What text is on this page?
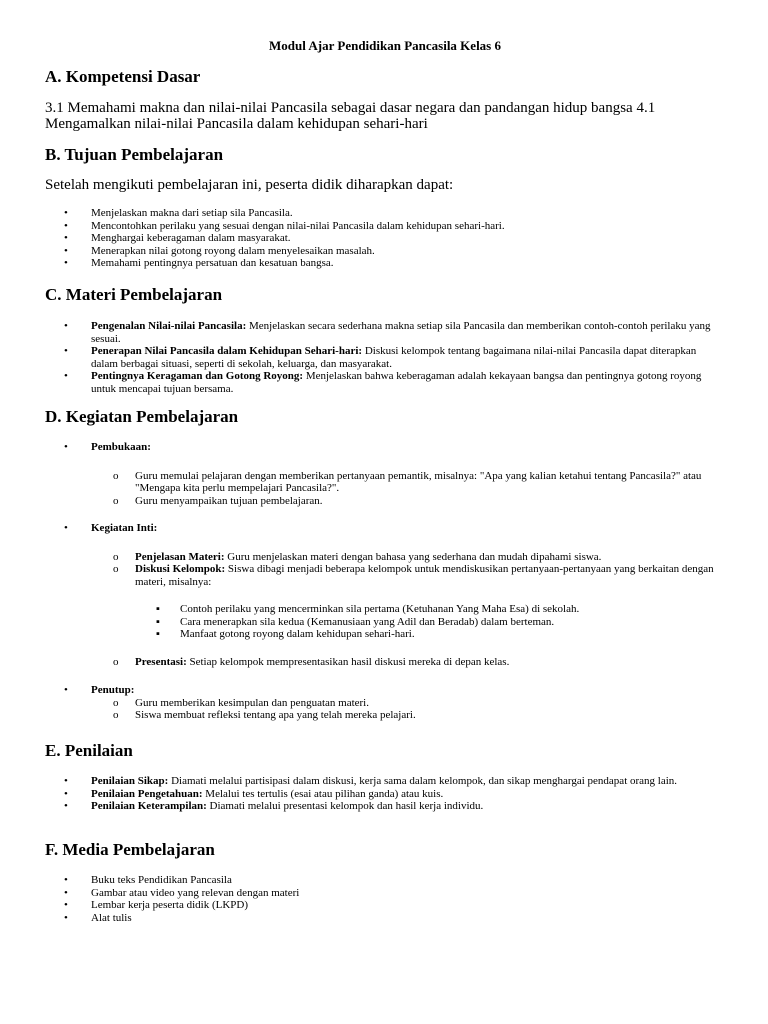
Modul Ajar Pendidikan Pancasila Kelas 6
A. Kompetensi Dasar

3.1 Memahami makna dan nilai-nilai Pancasila sebagai dasar negara dan pandangan hidup bangsa 4.1 Mengamalkan nilai-nilai Pancasila dalam kehidupan sehari-hari

B. Tujuan Pembelajaran

Setelah mengikuti pembelajaran ini, peserta didik diharapkan dapat:

• Menjelaskan makna dari setiap sila Pancasila.
• Mencontohkan perilaku yang sesuai dengan nilai-nilai Pancasila dalam kehidupan sehari-hari.
• Menghargai keberagaman dalam masyarakat.
• Menerapkan nilai gotong royong dalam menyelesaikan masalah.
• Memahami pentingnya persatuan dan kesatuan bangsa.
C. Materi Pembelajaran
• Pengenalan Nilai-nilai Pancasila: Menjelaskan secara sederhana makna setiap sila Pancasila dan memberikan contoh-contoh perilaku yang sesuai.
• Penerapan Nilai Pancasila dalam Kehidupan Sehari-hari: Diskusi kelompok tentang bagaimana nilai-nilai Pancasila dapat diterapkan dalam berbagai situasi, seperti di sekolah, keluarga, dan masyarakat.
• Pentingnya Keragaman dan Gotong Royong: Menjelaskan bahwa keberagaman adalah kekayaan bangsa dan pentingnya gotong royong untuk mencapai tujuan bersama.
D. Kegiatan Pembelajaran
• Pembukaan:
o Guru memulai pelajaran dengan memberikan pertanyaan pemantik, misalnya: "Apa yang kalian ketahui tentang Pancasila?" atau "Mengapa kita perlu mempelajari Pancasila?".
o Guru menyampaikan tujuan pembelajaran.
• Kegiatan Inti:
o Penjelasan Materi: Guru menjelaskan materi dengan bahasa yang sederhana dan mudah dipahami siswa.
o Diskusi Kelompok: Siswa dibagi menjadi beberapa kelompok untuk mendiskusikan pertanyaan-pertanyaan yang berkaitan dengan materi, misalnya:
▪ Contoh perilaku yang mencerminkan sila pertama (Ketuhanan Yang Maha Esa) di sekolah.
▪ Cara menerapkan sila kedua (Kemanusiaan yang Adil dan Beradab) dalam berteman.
▪ Manfaat gotong royong dalam kehidupan sehari-hari.
o Presentasi: Setiap kelompok mempresentasikan hasil diskusi mereka di depan kelas.
• Penutup:
o Guru memberikan kesimpulan dan penguatan materi.
o Siswa membuat refleksi tentang apa yang telah mereka pelajari.
E. Penilaian
• Penilaian Sikap: Diamati melalui partisipasi dalam diskusi, kerja sama dalam kelompok, dan sikap menghargai pendapat orang lain.
• Penilaian Pengetahuan: Melalui tes tertulis (esai atau pilihan ganda) atau kuis.
• Penilaian Keterampilan: Diamati melalui presentasi kelompok dan hasil kerja individu.
F. Media Pembelajaran
• Buku teks Pendidikan Pancasila
• Gambar atau video yang relevan dengan materi
• Lembar kerja peserta didik (LKPD)
• Alat tulis
